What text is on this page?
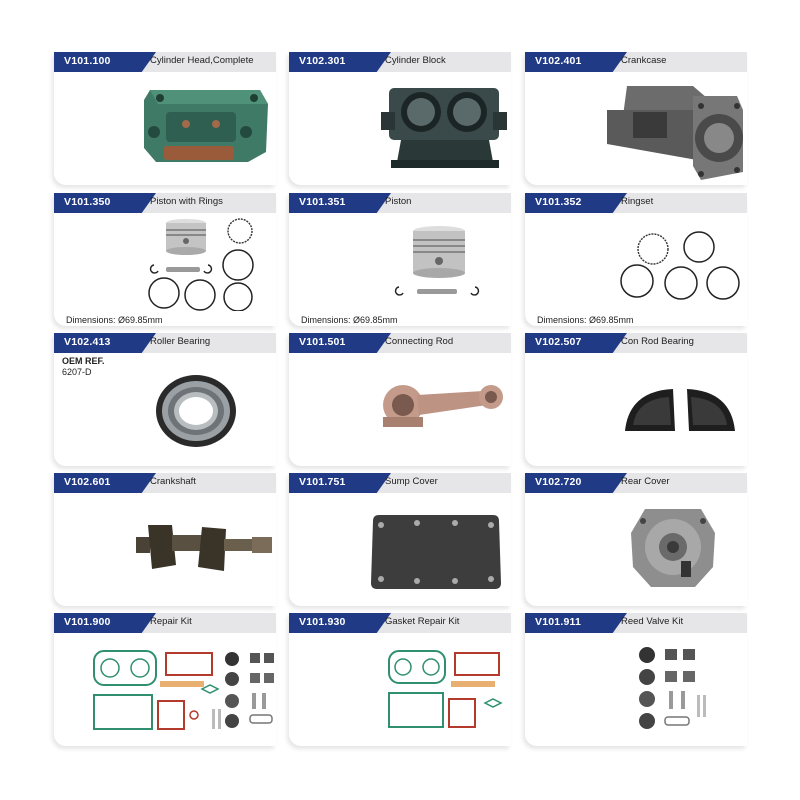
V101.100	Cylinder Head,Complete	V102.301	Cylinder Block	V102.401	Crankcase
V101.350	Piston with Rings
Dimensions: Ø69.85mm
V101.351	Piston
Dimensions: Ø69.85mm
V101.352	Ringset
Dimensions: Ø69.85mm
V102.413	Roller Bearing
OEM REF.
6207-D
V101.501	Connecting Rod	V102.507	Con Rod Bearing
V102.601	Crankshaft	V101.751	Sump Cover	V102.720	Rear Cover
V101.900	Repair Kit	V101.930	Gasket Repair Kit	V101.911	Reed Valve Kit
